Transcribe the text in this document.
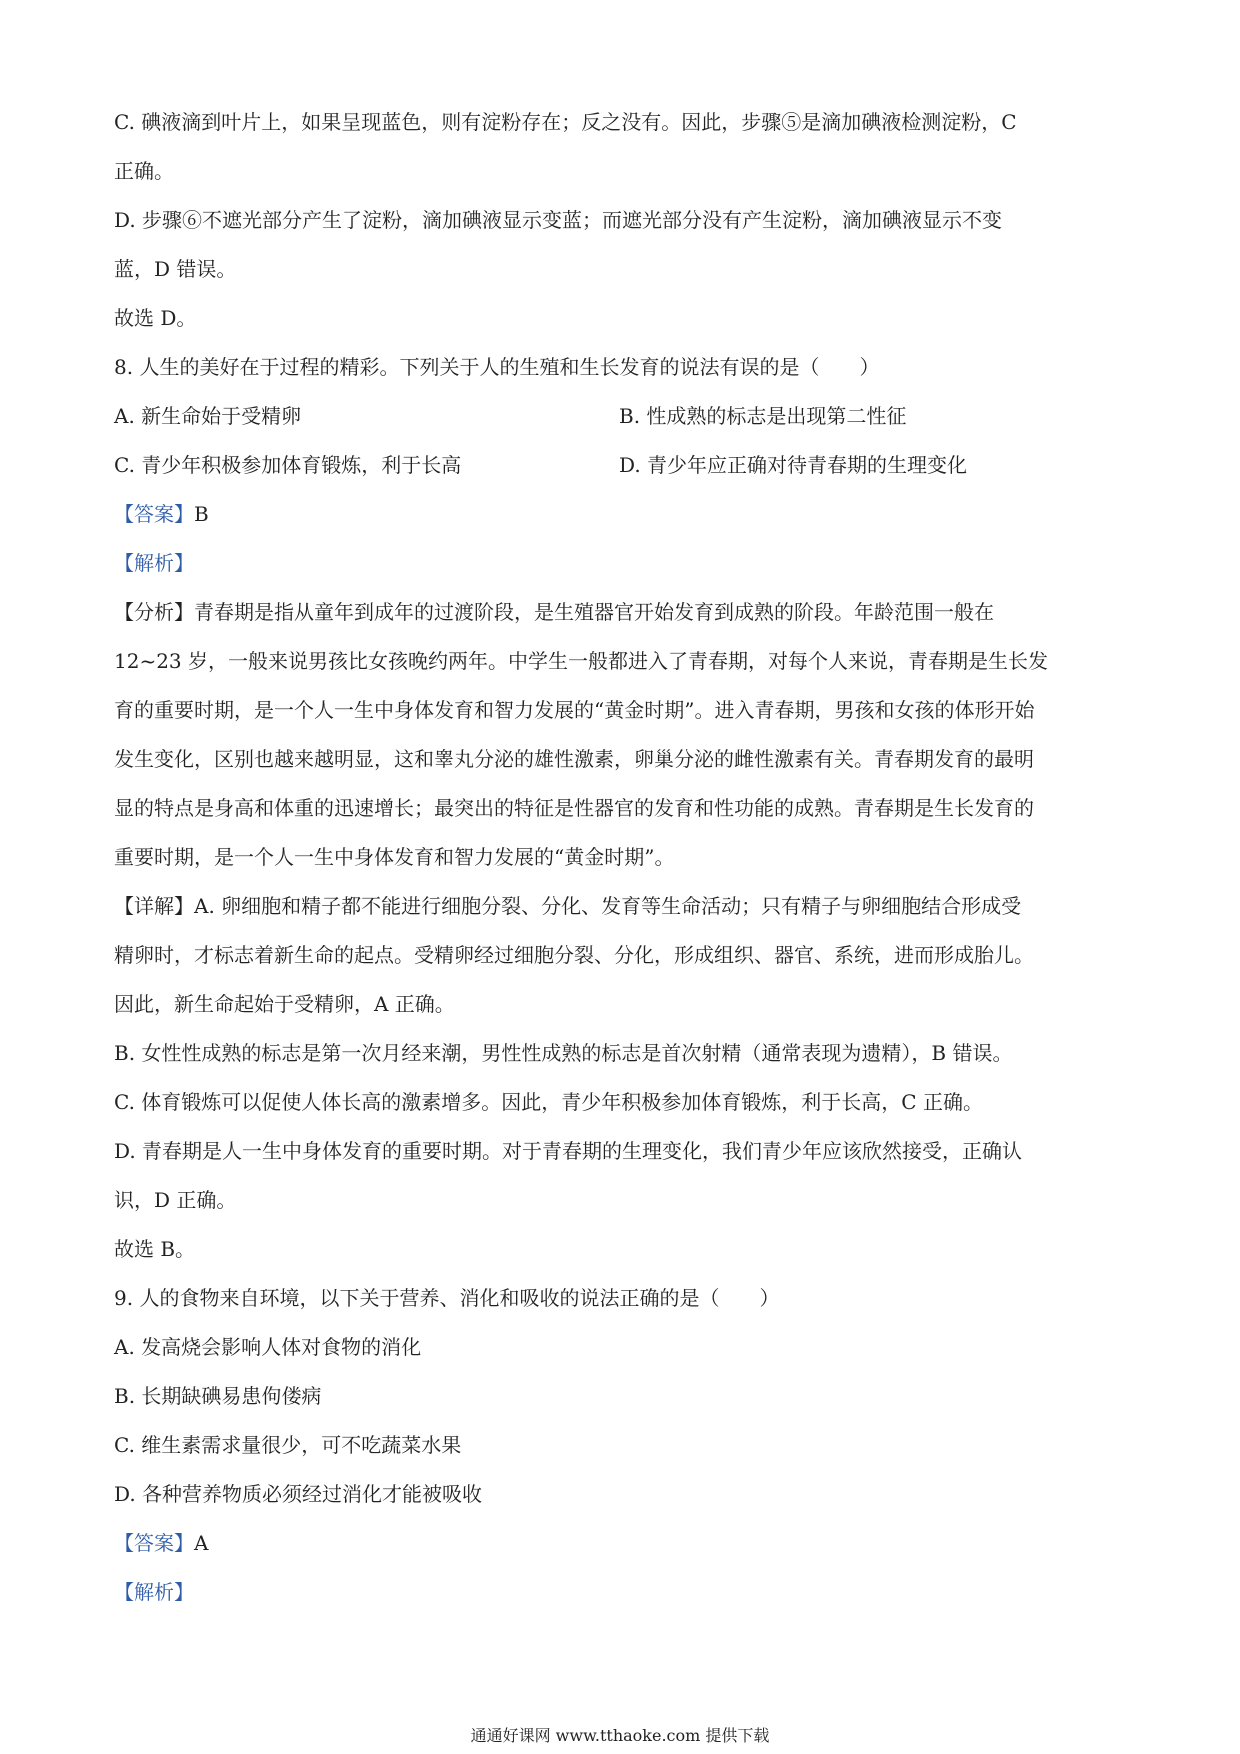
C. 碘液滴到叶片上，如果呈现蓝色，则有淀粉存在；反之没有。因此，步骤⑤是滴加碘液检测淀粉，C
正确。
D. 步骤⑥不遮光部分产生了淀粉，滴加碘液显示变蓝；而遮光部分没有产生淀粉，滴加碘液显示不变
蓝，D 错误。
故选 D。
8. 人生的美好在于过程的精彩。下列关于人的生殖和生长发育的说法有误的是（　　）
A. 新生命始于受精卵	B. 性成熟的标志是出现第二性征
C. 青少年积极参加体育锻炼，利于长高	D. 青少年应正确对待青春期的生理变化
【答案】B
【解析】
【分析】青春期是指从童年到成年的过渡阶段，是生殖器官开始发育到成熟的阶段。年龄范围一般在
12~23 岁，一般来说男孩比女孩晚约两年。中学生一般都进入了青春期，对每个人来说，青春期是生长发
育的重要时期，是一个人一生中身体发育和智力发展的“黄金时期”。进入青春期，男孩和女孩的体形开始
发生变化，区别也越来越明显，这和睾丸分泌的雄性激素，卵巢分泌的雌性激素有关。青春期发育的最明
显的特点是身高和体重的迅速增长；最突出的特征是性器官的发育和性功能的成熟。青春期是生长发育的
重要时期，是一个人一生中身体发育和智力发展的“黄金时期”。
【详解】A. 卵细胞和精子都不能进行细胞分裂、分化、发育等生命活动；只有精子与卵细胞结合形成受
精卵时，才标志着新生命的起点。受精卵经过细胞分裂、分化，形成组织、器官、系统，进而形成胎儿。
因此，新生命起始于受精卵，A 正确。
B. 女性性成熟的标志是第一次月经来潮，男性性成熟的标志是首次射精（通常表现为遗精），B 错误。
C. 体育锻炼可以促使人体长高的激素增多。因此，青少年积极参加体育锻炼，利于长高，C 正确。
D. 青春期是人一生中身体发育的重要时期。对于青春期的生理变化，我们青少年应该欣然接受，正确认
识，D 正确。
故选 B。
9. 人的食物来自环境，以下关于营养、消化和吸收的说法正确的是（　　）
A. 发高烧会影响人体对食物的消化
B. 长期缺碘易患佝偻病
C. 维生素需求量很少，可不吃蔬菜水果
D. 各种营养物质必须经过消化才能被吸收
【答案】A
【解析】
通通好课网 www.tthaoke.com 提供下载
